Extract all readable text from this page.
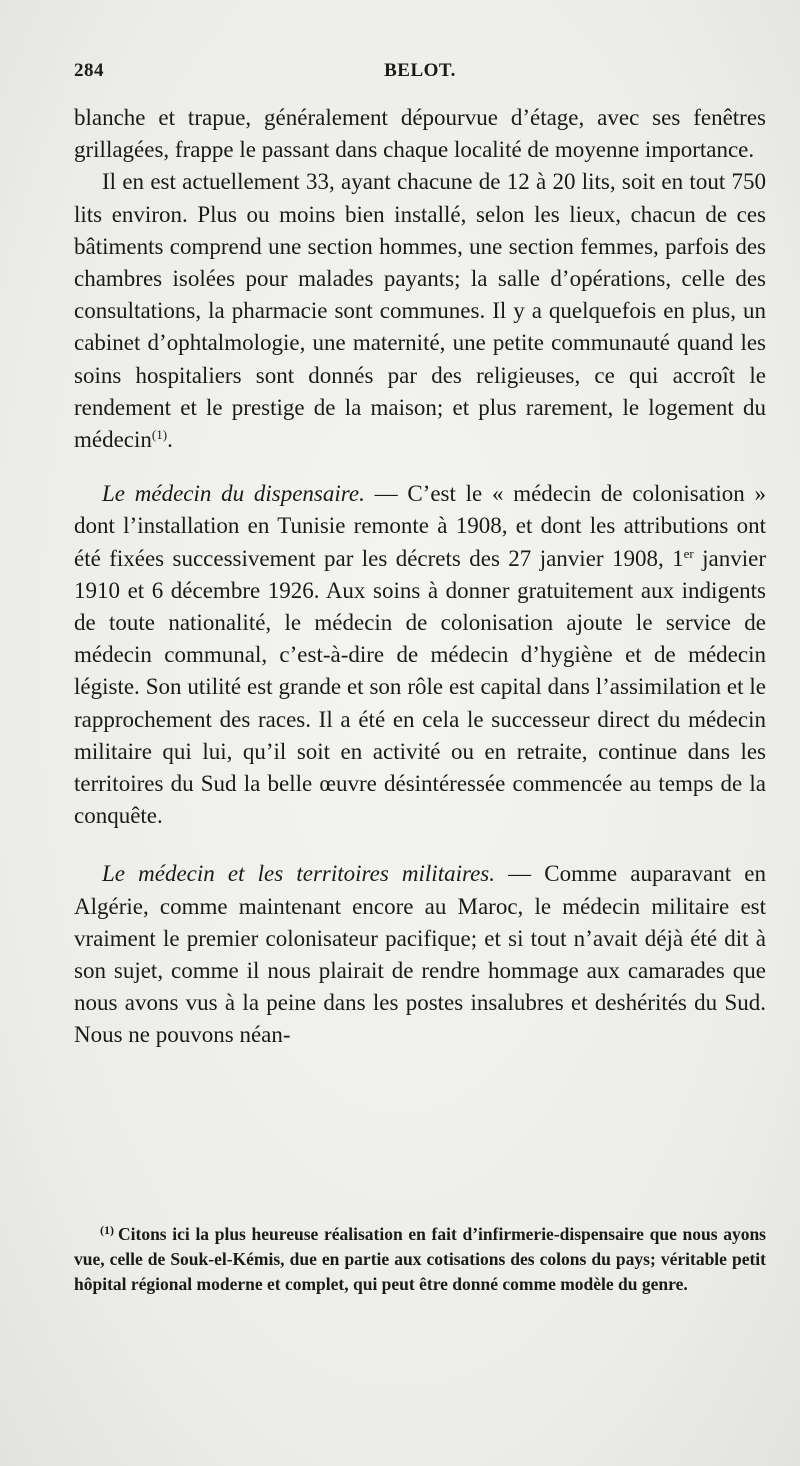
284	BELOT.

blanche et trapue, généralement dépourvue d’étage, avec ses fenêtres grillagées, frappe le passant dans chaque localité de moyenne importance.

Il en est actuellement 33, ayant chacune de 12 à 20 lits, soit en tout 750 lits environ. Plus ou moins bien installé, selon les lieux, chacun de ces bâtiments comprend une section hommes, une section femmes, parfois des chambres isolées pour malades payants; la salle d’opérations, celle des consultations, la pharmacie sont communes. Il y a quelquefois en plus, un cabinet d’ophtalmologie, une maternité, une petite communauté quand les soins hospitaliers sont donnés par des religieuses, ce qui accroît le rendement et le prestige de la maison; et plus rarement, le logement du médecin$^{(1)}$.

Le médecin du dispensaire. — C’est le « médecin de colonisation » dont l’installation en Tunisie remonte à 1908, et dont les attributions ont été fixées successivement par les décrets des 27 janvier 1908, 1er janvier 1910 et 6 décembre 1926. Aux soins à donner gratuitement aux indigents de toute nationalité, le médecin de colonisation ajoute le service de médecin communal, c’est-à-dire de médecin d’hygiène et de médecin légiste. Son utilité est grande et son rôle est capital dans l’assimilation et le rapprochement des races. Il a été en cela le successeur direct du médecin militaire qui lui, qu’il soit en activité ou en retraite, continue dans les territoires du Sud la belle œuvre désintéressée commencée au temps de la conquête.

Le médecin et les territoires militaires. — Comme auparavant en Algérie, comme maintenant encore au Maroc, le médecin militaire est vraiment le premier colonisateur pacifique; et si tout n’avait déjà été dit à son sujet, comme il nous plairait de rendre hommage aux camarades que nous avons vus à la peine dans les postes insalubres et deshérités du Sud. Nous ne pouvons néan-

$^{(1)}$ Citons ici la plus heureuse réalisation en fait d’infirmerie-dispensaire que nous ayons vue, celle de Souk-el-Kémis, due en partie aux cotisations des colons du pays; véritable petit hôpital régional moderne et complet, qui peut être donné comme modèle du genre.
